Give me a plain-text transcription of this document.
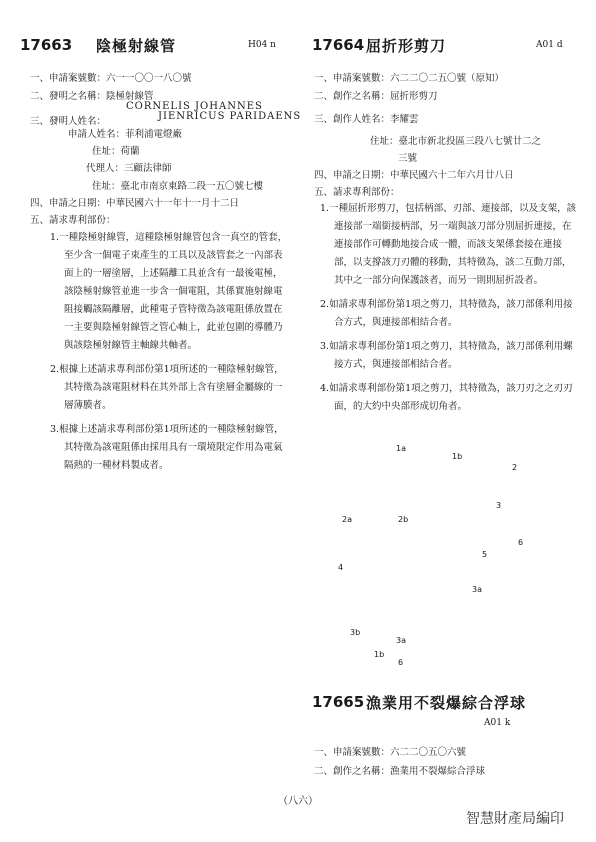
17663 陰極射線管	H04 n 17664 屈折形剪刀	A01 d
一、申請案號數：六一一〇〇一八〇號
二、發明之名稱：陰極射線管
三、發明人姓名：
CORNELIS JOHANNES
JIENRICUS PARIDAENS
申請人姓名：菲利浦電燈廠
住址：荷蘭
代理人：三顧法律師
住址：臺北市南京東路二段一五〇號七樓
四、申請之日期：中華民國六十一年十一月十二日
五、請求專利部份：

1.一種陰極射線管，這種陰極射線管包含一真空的管套，至少含一個電子束產生的工具以及該管套之一內部表面上的一層塗層，上述隔離工具並含有一最後電極，該陰極射線管並進一步含一個電阻，其係實施射線電阻接觸該隔離層，此種電子管特徵為該電阻係放置在一主要與陰極射線管之管心軸上，此並包圍的導體乃與該陰極射線管主軸線共軸者。

2.根據上述請求專利部份第1項所述的一種陰極射線管，其特徵為該電阻材料在其外部上含有塗層金屬線的一層薄膜者。

3.根據上述請求專利部份第1項所述的一種陰極射線管，其特徵為該電阻係由採用具有一環境限定作用為電氣隔熱的一種材料製成者。

一、申請案號數：六二二〇二五〇號（原知）
二、創作之名稱：屈折形剪刀
三、創作人姓名：李耀雲
住址：臺北市新北投區三段八七號廿二之
三號
四、申請之日期：中華民國六十二年六月廿八日
五、請求專利部份：

1.一種屈折形剪刀，包括柄部、刃部、連接部，以及支架，該連接部一端銜接柄部，另一端與該刀部分別屈折連接，在連接部作可轉動地接合成一體，而該支架係套接在連接部，以支撐該刀刃體的移動，其特徵為，該二互動刀部，其中之一部分向保護該者，而另一則則屈折設者。

2.如請求專利部份第1項之剪刀，其特徵為，該刀部係利用接合方式，與連接部相結合者。

3.如請求專利部份第1項之剪刀，其特徵為，該刀部係利用螺接方式，與連接部相結合者。

4.如請求專利部份第1項之剪刀，其特徵為，該刀刃之之刃刃面，的大約中央部形成切角者。

1a
1b
2a	2b
4
2
3
6
5
3a
3b
3a
1b
6
17665 漁業用不裂爆綜合浮球
A01 k
一、申請案號數：六二二〇五〇六號
二、創作之名稱：漁業用不裂爆綜合浮球
（八六）
智慧財產局編印
